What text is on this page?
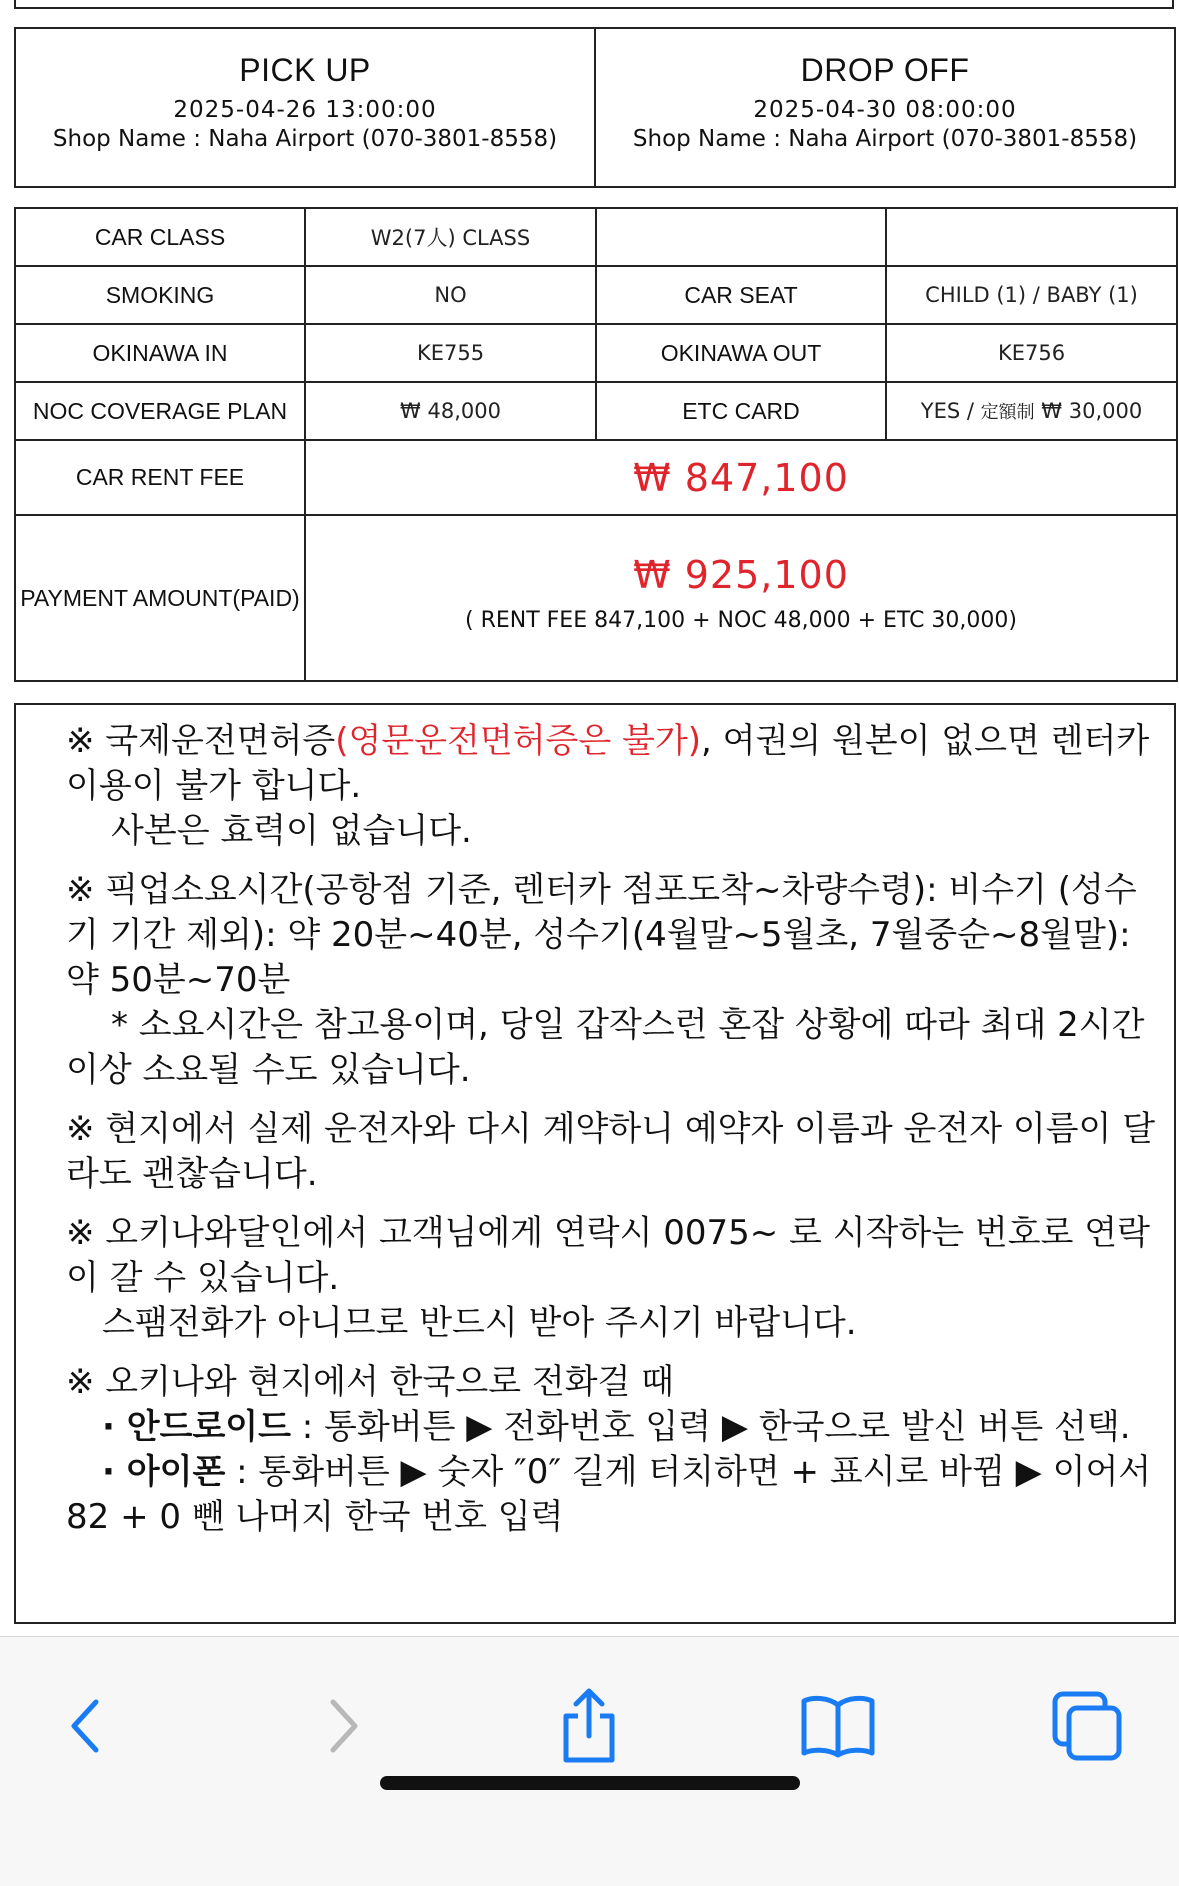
PICK UP
2025-04-26 13:00:00
Shop Name : Naha Airport (070-3801-8558)
DROP OFF
2025-04-30 08:00:00
Shop Name : Naha Airport (070-3801-8558)
CAR CLASS	W2(7人) CLASS		
SMOKING	NO	CAR SEAT	CHILD (1) / BABY (1)
OKINAWA IN	KE755	OKINAWA OUT	KE756
NOC COVERAGE PLAN	₩ 48,000	ETC CARD	YES / 定額制 ₩ 30,000
CAR RENT FEE	₩ 847,100		
PAYMENT AMOUNT(PAID)	₩ 925,100
( RENT FEE 847,100 + NOC 48,000 + ETC 30,000)		

※ 국제운전면허증(영문운전면허증은 불가), 여권의 원본이 없으면 렌터카 이용이 불가 합니다.

사본은 효력이 없습니다.

※ 픽업소요시간(공항점 기준, 렌터카 점포도착~차량수령): 비수기 (성수기 기간 제외): 약 20분~40분, 성수기(4월말~5월초, 7월중순~8월말): 약 50분~70분

* 소요시간은 참고용이며, 당일 갑작스런 혼잡 상황에 따라 최대 2시간 이상 소요될 수도 있습니다.

※ 현지에서 실제 운전자와 다시 계약하니 예약자 이름과 운전자 이름이 달라도 괜찮습니다.

※ 오키나와달인에서 고객님에게 연락시 0075~ 로 시작하는 번호로 연락이 갈 수 있습니다.

스팸전화가 아니므로 반드시 받아 주시기 바랍니다.

※ 오키나와 현지에서 한국으로 전화걸 때

· 안드로이드 : 통화버튼 ▶ 전화번호 입력 ▶ 한국으로 발신 버튼 선택.

· 아이폰 : 통화버튼 ▶ 숫자 ″0″ 길게 터치하면 + 표시로 바뀜 ▶ 이어서 82 + 0 뺀 나머지 한국 번호 입력
